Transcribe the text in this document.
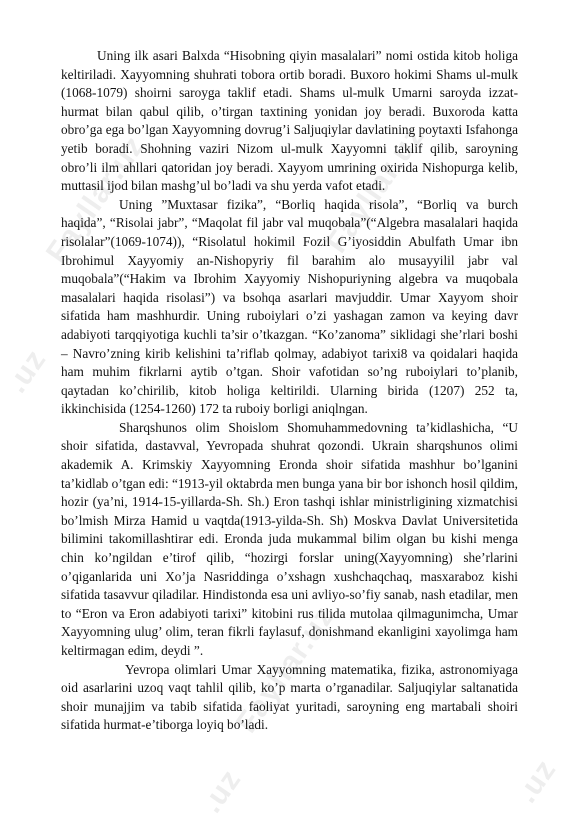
Fayllar.uz	Fayllar.uz
Fayllar.uz
.uz
.uz	.uz

Uning ilk asari Balxda “Hisobning qiyin masalalari” nomi ostida kitob holiga keltiriladi. Xayyomning shuhrati tobora ortib boradi. Buxoro hokimi Shams ul-mulk (1068-1079) shoirni saroyga taklif etadi. Shams ul-mulk Umarni saroyda izzat-hurmat bilan qabul qilib, o’tirgan taxtining yonidan joy beradi. Buxoroda katta obro’ga ega bo’lgan Xayyomning dovrug’i Saljuqiylar davlatining poytaxti Isfahonga yetib boradi. Shohning vaziri Nizom ul-mulk Xayyomni taklif qilib, saroyning obro’li ilm ahllari qatoridan joy beradi. Xayyom umrining oxirida Nishopurga kelib, muttasil ijod bilan mashg’ul bo’ladi va shu yerda vafot etadi.

Uning ”Muxtasar fizika”, “Borliq haqida risola”, “Borliq va burch haqida”, “Risolai jabr”, “Maqolat fil jabr val muqobala”(“Algebra masalalari haqida risolalar”(1069-1074)), “Risolatul hokimil Fozil G’iyosiddin Abulfath Umar ibn Ibrohimul Xayyomiy an-Nishopyriy fil barahim alo musayyilil jabr val muqobala”(“Hakim va Ibrohim Xayyomiy Nishopuriyning algebra va muqobala masalalari haqida risolasi”) va bsohqa asarlari mavjuddir. Umar Xayyom shoir sifatida ham mashhurdir. Uning ruboiylari o’zi yashagan zamon va keying davr adabiyoti tarqqiyotiga kuchli ta’sir o’tkazgan. “Ko’zanoma” siklidagi she’rlari boshi – Navro’zning kirib kelishini ta’riflab qolmay, adabiyot tarixi8 va qoidalari haqida ham muhim fikrlarni aytib o’tgan. Shoir vafotidan so’ng ruboiylari to’planib, qaytadan ko’chirilib, kitob holiga keltirildi. Ularning birida (1207) 252 ta, ikkinchisida (1254-1260) 172 ta ruboiy borligi aniqlngan.

Sharqshunos olim Shoislom Shomuhammedovning ta’kidlashicha, “U shoir sifatida, dastavval, Yevropada shuhrat qozondi. Ukrain sharqshunos olimi akademik A. Krimskiy Xayyomning Eronda shoir sifatida mashhur bo’lganini ta’kidlab o’tgan edi: “1913-yil oktabrda men bunga yana bir bor ishonch hosil qildim, hozir (ya’ni, 1914-15-yillarda-Sh. Sh.) Eron tashqi ishlar ministrligining xizmatchisi bo’lmish Mirza Hamid u vaqtda(1913-yilda-Sh. Sh) Moskva Davlat Universitetida bilimini takomillashtirar edi. Eronda juda mukammal bilim olgan bu kishi menga chin ko’ngildan e’tirof qilib, “hozirgi forslar uning(Xayyomning) she’rlarini o’qiganlarida uni Xo’ja Nasriddinga o’xshagn xushchaqchaq, masxaraboz kishi sifatida tasavvur qiladilar. Hindistonda esa uni avliyo-so’fiy sanab, nash etadilar, men to “Eron va Eron adabiyoti tarixi” kitobini rus tilida mutolaa qilmagunimcha, Umar Xayyomning ulug’ olim, teran fikrli faylasuf, donishmand ekanligini xayolimga ham keltirmagan edim, deydi ”.

Yevropa olimlari Umar Xayyomning matematika, fizika, astronomiyaga oid asarlarini uzoq vaqt tahlil qilib, ko’p marta o’rganadilar. Saljuqiylar saltanatida shoir munajjim va tabib sifatida faoliyat yuritadi, saroyning eng martabali shoiri sifatida hurmat-e’tiborga loyiq bo’ladi.
